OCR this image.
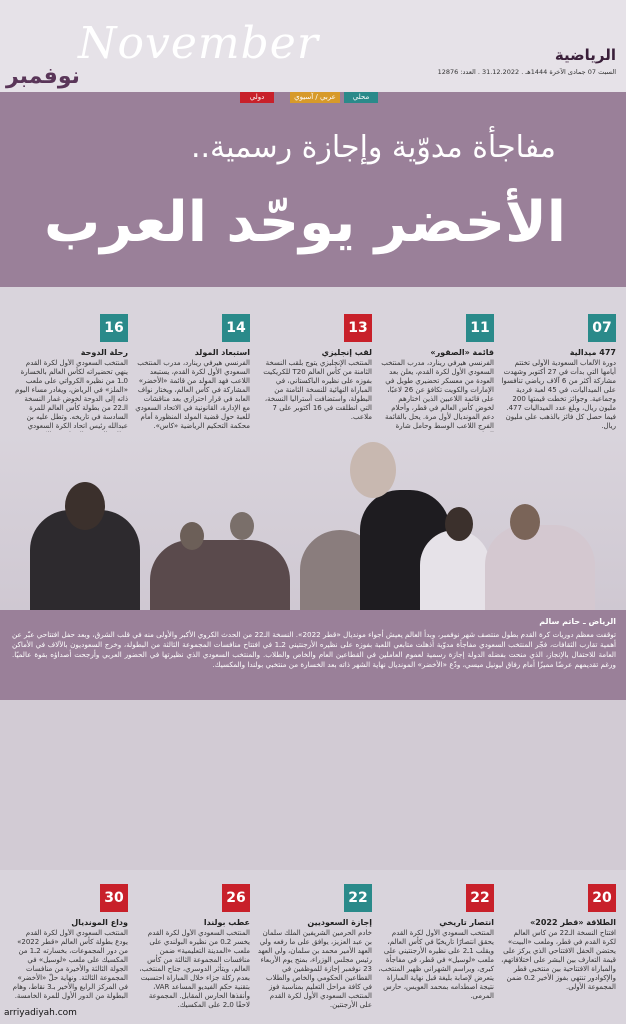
الرياضية
السبت 07 جمادى الآخرة 1444هـ . 31.12.2022 . العدد: 12876
November
نوفمبر
محلي
عربي / آسيوي
دولي
مفاجأة مدوّية وإجازة رسمية..
الأخضر يوحّد العرب
07
477 ميدالية
دورة الألعاب السعودية الأولى تختتم أيامها التي بدأت في 27 أكتوبر وشهدت مشاركة أكثر من 6 آلاف رياضي تنافسوا على الميداليات، في 45 لعبة فردية وجماعية. وجوائز تخطت قيمتها 200 مليون ريال، وبلغ عدد الميداليات 477. فيما حصل كل فائز بالذهب على مليون ريال.
11
قائمة «الصقور»
الفرنسي هيرفي رينارد، مدرب المنتخب السعودي الأول لكرة القدم، يعلن بعد العودة من معسكر تحضيري طويل في الإمارات والكويت تكافؤ عن 26 لاعبًا، على قائمة اللاعبين الذين اختارهم لخوض كأس العالم في قطر، وأحلام دعم المونديال لأول مرة. يحل بالقائمة الفرج اللاعب الوسط وحامل شارة
13
لقب إنجليزي
المنتخب الإنجليزي يتوج بلقب النسخة الثامنة من كأس العالم T20 للكريكيت بفوزه على نظيره الباكستاني، في المباراة النهائية للنسخة الثامنة من البطولة، واستضافت أستراليا النسخة، التي انطلقت في 16 أكتوبر على 7 ملاعب.
14
استبعاد المولد
الفرنسي هيرفي رينارد، مدرب المنتخب السعودي الأول لكرة القدم، يستبعد اللاعب فهد المولد من قائمة «الأخضر» المشاركة في كأس العالم، ويختار نواف العابد في قرار احترازي بعد مناقشات مع الإدارة، القانونية في الاتحاد السعودي للعبة حول قضية المولد المنظورة أمام محكمة التحكيم الرياضية «كاس».
16
رحلة الدوحة
المنتخب السعودي الأول لكرة القدم ينهي تحضيراته لكأس العالم بالخسارة 0ـ1 من نظيره الكرواتي على ملعب «الملز» في الرياض، ويغادر مساء اليوم ذاته إلى الدوحة لخوض غمار النسخة الـ22 من بطولة كأس العالم للمرة السادسة في تاريخه. وتطل عليه بن عبدالله رئيس اتحاد الكرة السعودي
الرياض ـ حاتم سالم
توقفت معظم دوريات كرة القدم بطول منتصف شهر نوفمبر، وبدأ العالم يعيش أجواء مونديال «قطر 2022». النسخة الـ22 من الحدث الكروي الأكبر والأولى منه في قلب الشرق، وبعد حفل افتتاحي عبّر عن أهمية تقارب الثقافات، فجّر المنتخب السعودي مفاجأة مدوّية أذهلت متابعي اللعبة بفوزه على نظيره الأرجنتيني 2ـ1 في افتتاح منافسات المجموعة الثالثة من البطولة، وخرج السعوديون بالآلاف في الأماكن العامة للاحتفال بالإنجاز، الذي منحت بفضله الدولة إجازة رسمية لعموم العاملين في القطاعين العام والخاص والطلاب. والمنتخب السعودي الذي نظيرتها في الحضور العربي وأرجحت أصداؤه بقوة عالميًا. ورغم تقديمهم عرضًا مميزًا أمام رفاق ليونيل ميسي، ودّع «الأخضر» المونديال نهاية الشهر ذاته بعد الخسارة من منتخبي بولندا والمكسيك.
20
الطلاقة «قطر 2022»
افتتاح النسخة الـ22 من كأس العالم لكرة القدم في قطر، وملعب «البيت» يحتضن الحفل الافتتاحي الذي يركز على قيمة التعارف بين البشر على اختلافاتهم، والمباراة الافتتاحية بين منتخبي قطر والإكوادور تنتهي بفوز الأخير 2ـ0 ضمن المجموعة الأولى.
22
انتصار تاريخي
المنتخب السعودي الأول لكرة القدم يحقق انتصارًا تاريخيًا في كأس العالم، ويقلب 1ـ2 على نظيره الأرجنتيني على ملعب «لوسيل» في قطر، في مفاجأة كبرى، ويراسم الشهراني ظهير المنتخب، يتعرض لإصابة بليغة قبل نهاية المباراة نتيجة اصطدامه بمحمد العويس، حارس المرمى.
22
إجازة السعوديين
خادم الحرمين الشريفين الملك سلمان بن عبد العزيز، يوافق على ما رفعه ولي العهد الأمير محمد بن سلمان، ولي العهد رئيس مجلس الوزراء، بمنح يوم الأربعاء 23 نوفمبر إجازة للموظفين في القطاعين الحكومي والخاص والطلاب في كافة مراحل التعليم بمناسبة فوز المنتخب السعودي الأول لكرة القدم على الأرجنتين.
26
عطب بولندا
المنتخب السعودي الأول لكرة القدم يخسر 2ـ0 من نظيره البولندي على ملعب «المدينة التعليمية» ضمن منافسات المجموعة الثالثة من كأس العالم، ويتأثر الدوسري، جناح المنتخب، بعدم ركلة جزاء خلال المباراة احتسبت بتقنية حكم الفيديو المساعد VAR، وأنقذها الحارس المقابل. المجموعة لاحقًا 0ـ2 على المكسيك.
30
وداع المونديال
المنتخب السعودي الأول لكرة القدم يودع بطولة كأس العالم «قطر 2022» من دور المجموعات، بخسارته 2ـ1 من المكسيك على ملعب «لوسيل» في الجولة الثالثة والأخيرة من منافسات المجموعة الثالثة. ونهاية حلّ «الأخضر» في المركز الرابع والأخير بـ3 نقاط، وهام البطولة من الدور الأول للمرة الخامسة.
arriyadiyah.com
